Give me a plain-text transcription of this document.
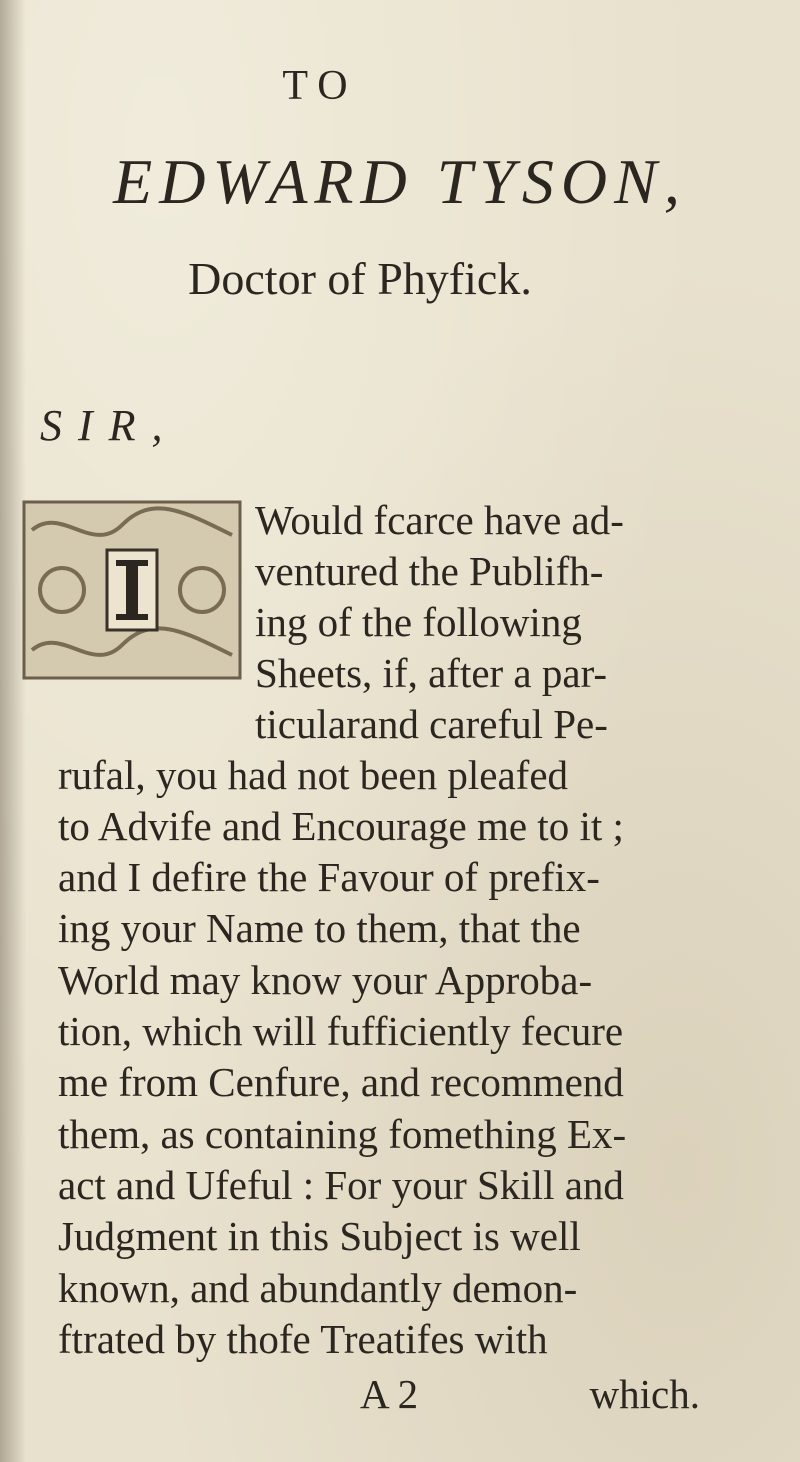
TO
EDWARD TYSON,
Doctor of Phyfick.
SIR,
Would fcarce have ad-
ventured the Publifh-
ing of the following
Sheets, if, after a par-
ticularand careful Pe-
rufal, you had not been pleafed
to Advife and Encourage me to it ;
and I defire the Favour of prefix-
ing your Name to them, that the
World may know your Approba-
tion, which will fufficiently fecure
me from Cenfure, and recommend
them, as containing fomething Ex-
act and Ufeful : For your Skill and
Judgment in this Subject is well
known, and abundantly demon-
ftrated by thofe Treatifes with
A 2	which.
